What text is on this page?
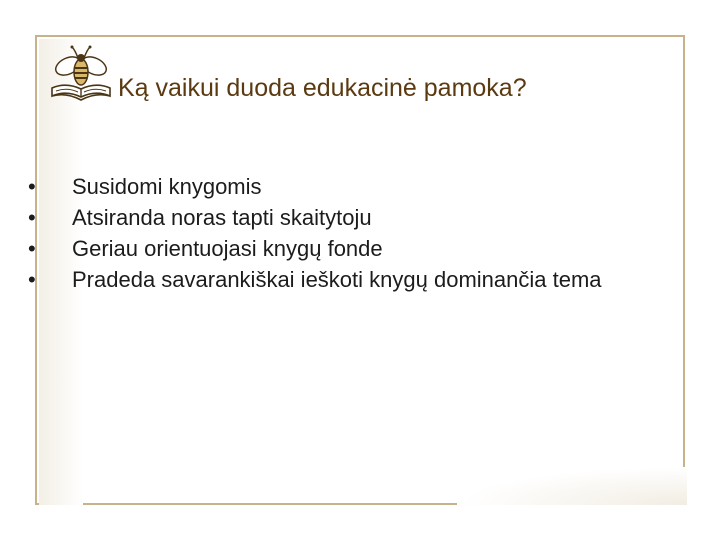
Ką vaikui duoda edukacinė pamoka?
•	Susidomi knygomis
•	Atsiranda noras tapti skaitytoju
•	Geriau orientuojasi knygų fonde
•	Pradeda savarankiškai ieškoti knygų dominančia tema
